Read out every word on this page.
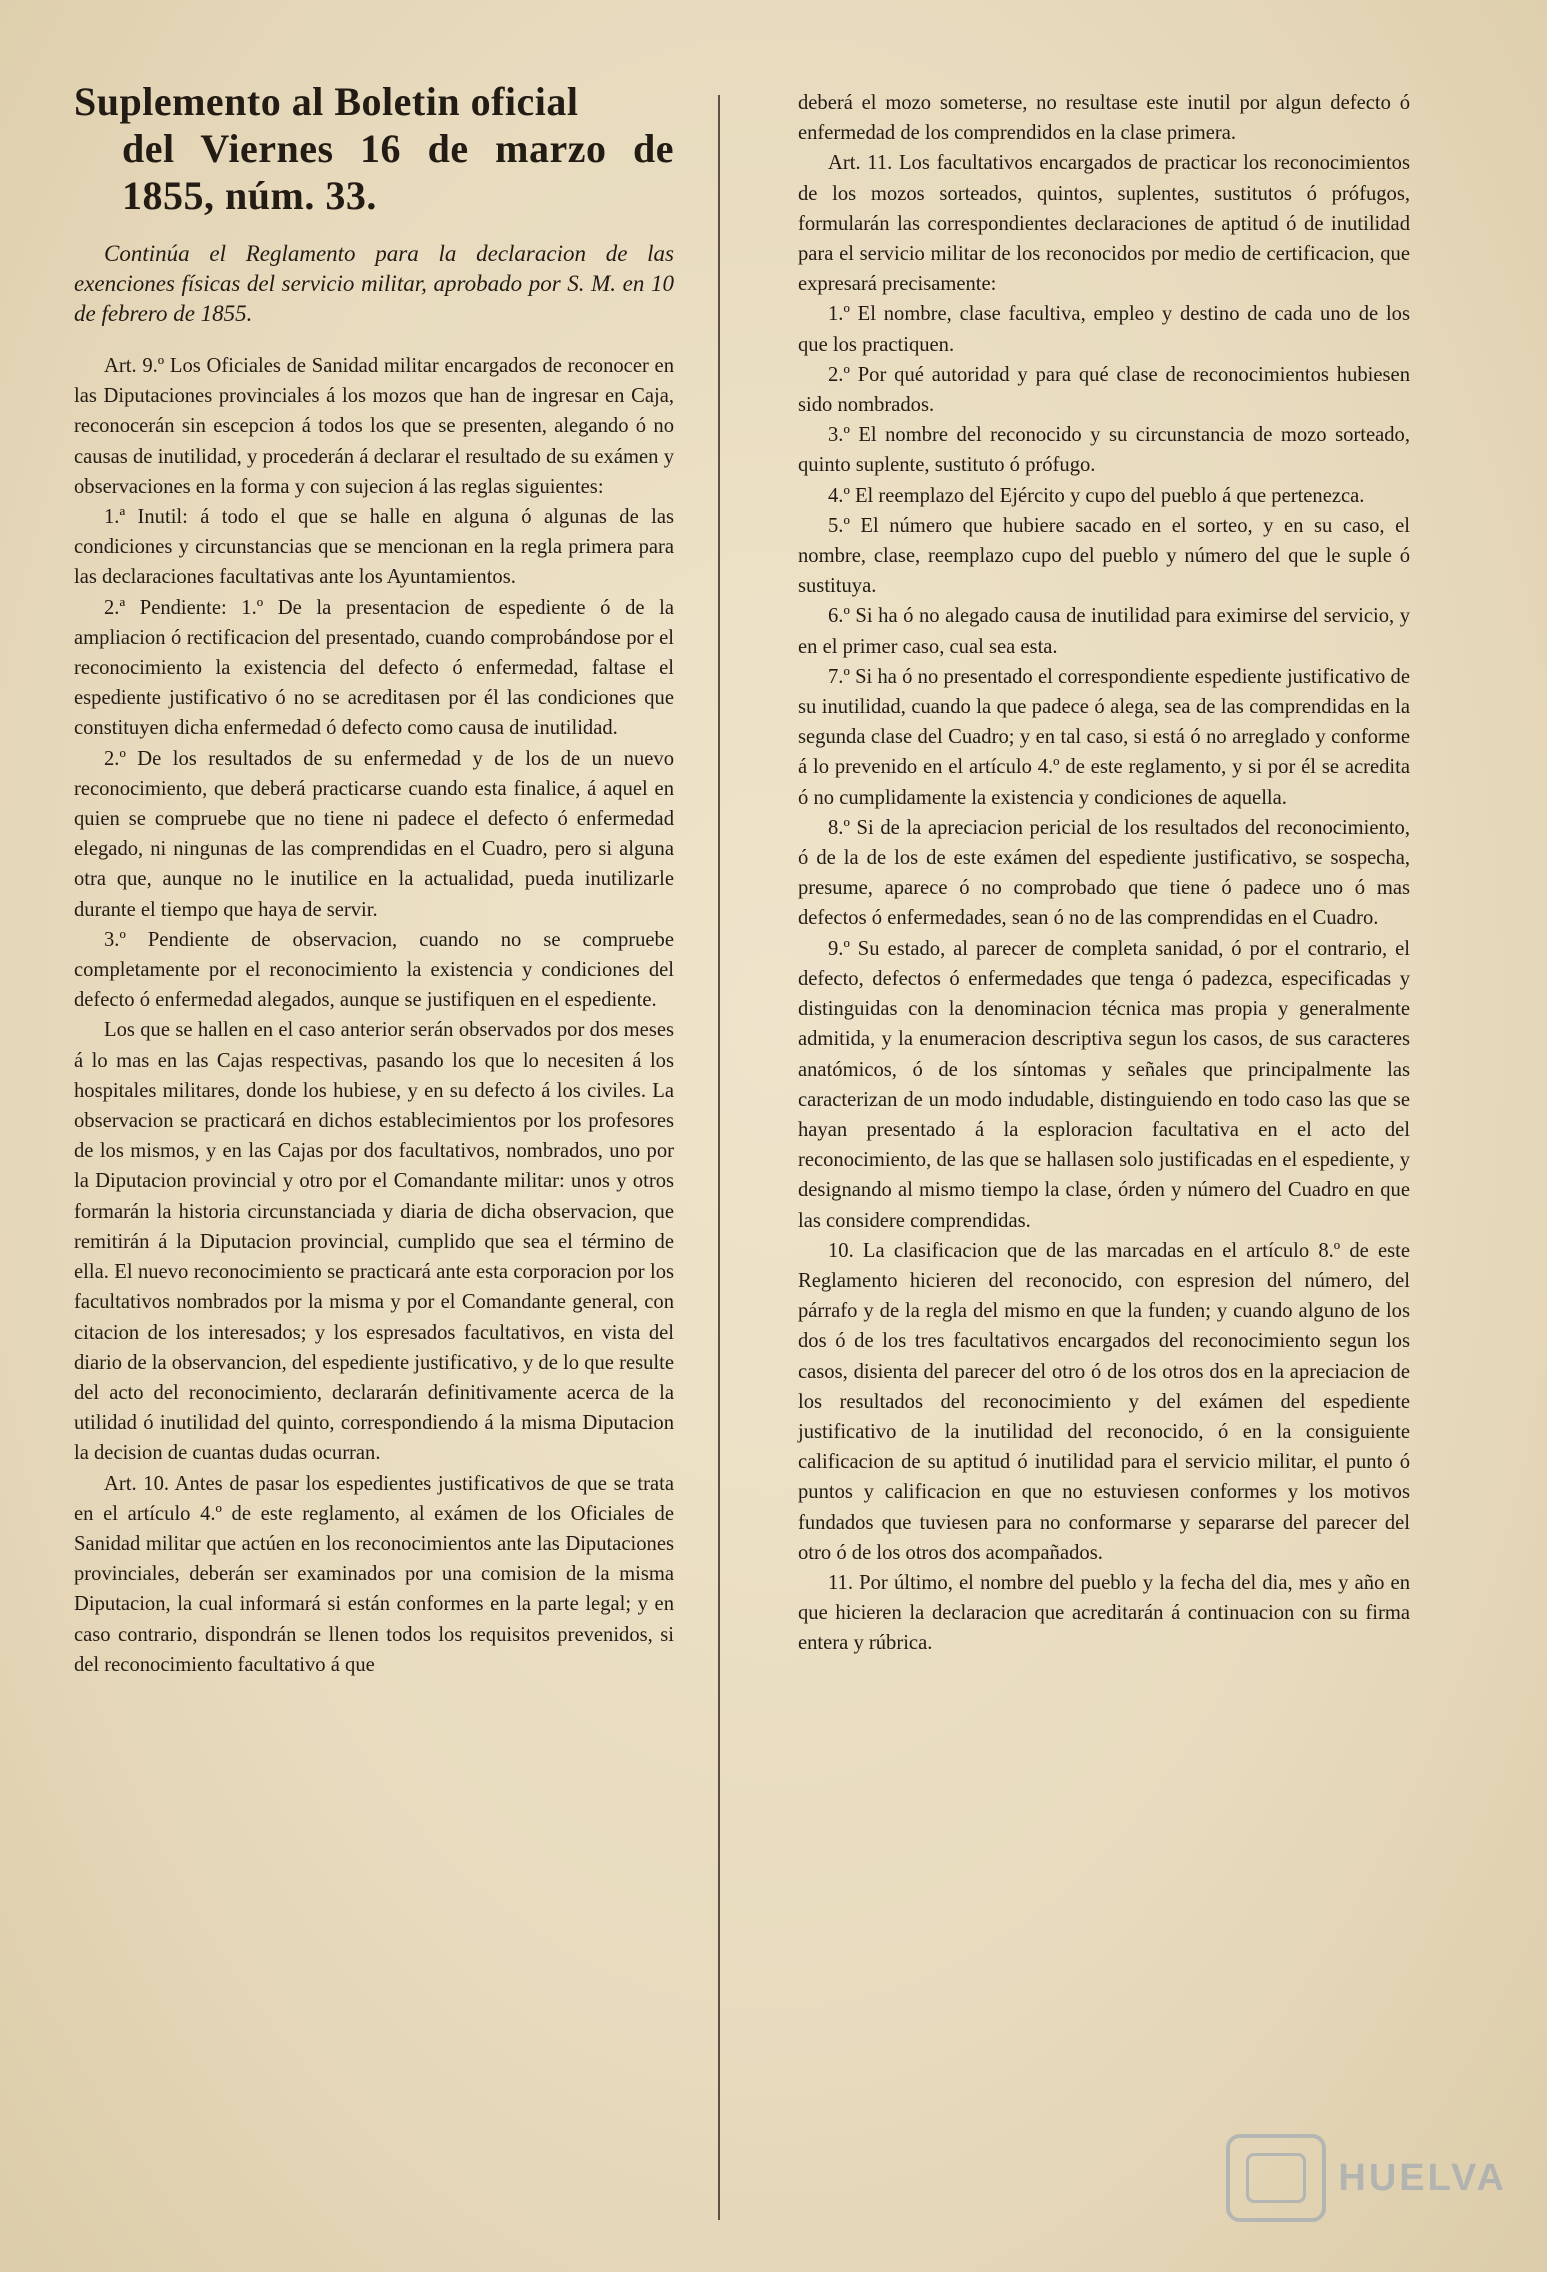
Suplemento al Boletin oficial
del Viernes 16 de marzo de 1855, núm. 33.
Continúa el Reglamento para la declaracion de las exenciones físicas del servicio militar, aprobado por S. M. en 10 de febrero de 1855.

Art. 9.º Los Oficiales de Sanidad militar encargados de reconocer en las Diputaciones provinciales á los mozos que han de ingresar en Caja, reconocerán sin escepcion á todos los que se presenten, alegando ó no causas de inutilidad, y procederán á declarar el resultado de su exámen y observaciones en la forma y con sujecion á las reglas siguientes:

1.ª Inutil: á todo el que se halle en alguna ó algunas de las condiciones y circunstancias que se mencionan en la regla primera para las declaraciones facultativas ante los Ayuntamientos.

2.ª Pendiente: 1.º De la presentacion de espediente ó de la ampliacion ó rectificacion del presentado, cuando comprobándose por el reconocimiento la existencia del defecto ó enfermedad, faltase el espediente justificativo ó no se acreditasen por él las condiciones que constituyen dicha enfermedad ó defecto como causa de inutilidad.

2.º De los resultados de su enfermedad y de los de un nuevo reconocimiento, que deberá practicarse cuando esta finalice, á aquel en quien se compruebe que no tiene ni padece el defecto ó enfermedad elegado, ni ningunas de las comprendidas en el Cuadro, pero si alguna otra que, aunque no le inutilice en la actualidad, pueda inutilizarle durante el tiempo que haya de servir.

3.º Pendiente de observacion, cuando no se compruebe completamente por el reconocimiento la existencia y condiciones del defecto ó enfermedad alegados, aunque se justifiquen en el espediente.

Los que se hallen en el caso anterior serán observados por dos meses á lo mas en las Cajas respectivas, pasando los que lo necesiten á los hospitales militares, donde los hubiese, y en su defecto á los civiles. La observacion se practicará en dichos establecimientos por los profesores de los mismos, y en las Cajas por dos facultativos, nombrados, uno por la Diputacion provincial y otro por el Comandante militar: unos y otros formarán la historia circunstanciada y diaria de dicha observacion, que remitirán á la Diputacion provincial, cumplido que sea el término de ella. El nuevo reconocimiento se practicará ante esta corporacion por los facultativos nombrados por la misma y por el Comandante general, con citacion de los interesados; y los espresados facultativos, en vista del diario de la observancion, del espediente justificativo, y de lo que resulte del acto del reconocimiento, declararán definitivamente acerca de la utilidad ó inutilidad del quinto, correspondiendo á la misma Diputacion la decision de cuantas dudas ocurran.

Art. 10. Antes de pasar los espedientes justificativos de que se trata en el artículo 4.º de este reglamento, al exámen de los Oficiales de Sanidad militar que actúen en los reconocimientos ante las Diputaciones provinciales, deberán ser examinados por una comision de la misma Diputacion, la cual informará si están conformes en la parte legal; y en caso contrario, dispondrán se llenen todos los requisitos prevenidos, si del reconocimiento facultativo á que

deberá el mozo someterse, no resultase este inutil por algun defecto ó enfermedad de los comprendidos en la clase primera.

Art. 11. Los facultativos encargados de practicar los reconocimientos de los mozos sorteados, quintos, suplentes, sustitutos ó prófugos, formularán las correspondientes declaraciones de aptitud ó de inutilidad para el servicio militar de los reconocidos por medio de certificacion, que expresará precisamente:

1.º El nombre, clase facultiva, empleo y destino de cada uno de los que los practiquen.

2.º Por qué autoridad y para qué clase de reconocimientos hubiesen sido nombrados.

3.º El nombre del reconocido y su circunstancia de mozo sorteado, quinto suplente, sustituto ó prófugo.

4.º El reemplazo del Ejército y cupo del pueblo á que pertenezca.

5.º El número que hubiere sacado en el sorteo, y en su caso, el nombre, clase, reemplazo cupo del pueblo y número del que le suple ó sustituya.

6.º Si ha ó no alegado causa de inutilidad para eximirse del servicio, y en el primer caso, cual sea esta.

7.º Si ha ó no presentado el correspondiente espediente justificativo de su inutilidad, cuando la que padece ó alega, sea de las comprendidas en la segunda clase del Cuadro; y en tal caso, si está ó no arreglado y conforme á lo prevenido en el artículo 4.º de este reglamento, y si por él se acredita ó no cumplidamente la existencia y condiciones de aquella.

8.º Si de la apreciacion pericial de los resultados del reconocimiento, ó de la de los de este exámen del espediente justificativo, se sospecha, presume, aparece ó no comprobado que tiene ó padece uno ó mas defectos ó enfermedades, sean ó no de las comprendidas en el Cuadro.

9.º Su estado, al parecer de completa sanidad, ó por el contrario, el defecto, defectos ó enfermedades que tenga ó padezca, especificadas y distinguidas con la denominacion técnica mas propia y generalmente admitida, y la enumeracion descriptiva segun los casos, de sus caracteres anatómicos, ó de los síntomas y señales que principalmente las caracterizan de un modo indudable, distinguiendo en todo caso las que se hayan presentado á la esploracion facultativa en el acto del reconocimiento, de las que se hallasen solo justificadas en el espediente, y designando al mismo tiempo la clase, órden y número del Cuadro en que las considere comprendidas.

10. La clasificacion que de las marcadas en el artículo 8.º de este Reglamento hicieren del reconocido, con espresion del número, del párrafo y de la regla del mismo en que la funden; y cuando alguno de los dos ó de los tres facultativos encargados del reconocimiento segun los casos, disienta del parecer del otro ó de los otros dos en la apreciacion de los resultados del reconocimiento y del exámen del espediente justificativo de la inutilidad del reconocido, ó en la consiguiente calificacion de su aptitud ó inutilidad para el servicio militar, el punto ó puntos y calificacion en que no estuviesen conformes y los motivos fundados que tuviesen para no conformarse y separarse del parecer del otro ó de los otros dos acompañados.

11. Por último, el nombre del pueblo y la fecha del dia, mes y año en que hicieren la declaracion que acreditarán á continuacion con su firma entera y rúbrica.

HUELVA
